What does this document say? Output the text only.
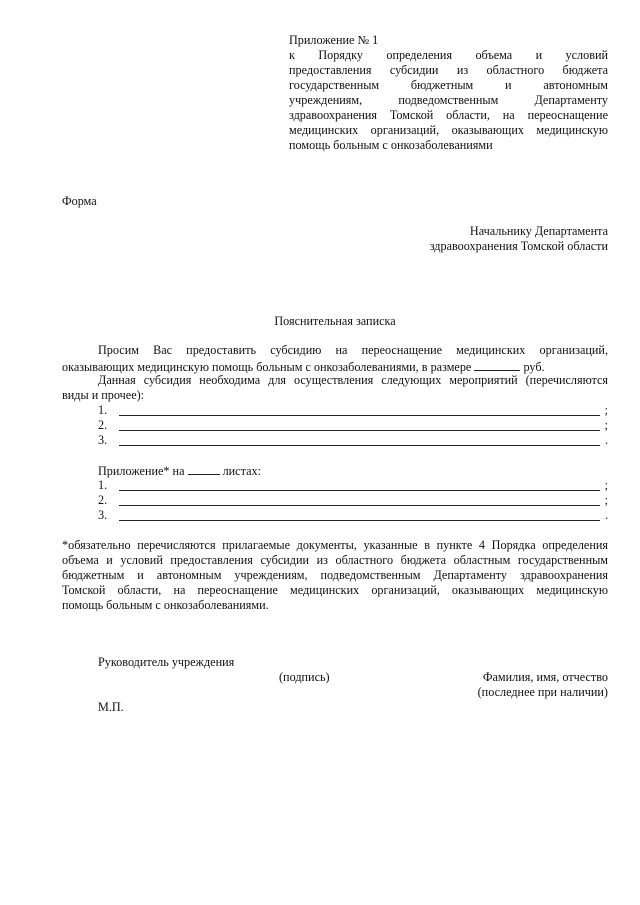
Приложение № 1
к Порядку определения объема и условий
предоставления субсидии из областного бюджета
государственным бюджетным и автономным
учреждениям, подведомственным Департаменту
здравоохранения Томской области, на переоснащение
медицинских организаций, оказывающих медицинскую
помощь больным с онкозаболеваниями
Форма
Начальнику Департамента
здравоохранения Томской области
Пояснительная записка
Просим Вас предоставить субсидию на переоснащение медицинских организаций,
оказывающих медицинскую помощь больным с онкозаболеваниями, в размере	руб.
Данная субсидия необходима для осуществления следующих мероприятий (перечисляются
виды и прочее):
1.	;
2.	;
3.	.
Приложение* на	листах:
1.	;
2.	;
3.	.
*обязательно перечисляются прилагаемые документы, указанные в пункте 4 Порядка определения
объема и условий предоставления субсидии из областного бюджета областным государственным
бюджетным и автономным учреждениям, подведомственным Департаменту здравоохранения
Томской области, на переоснащение медицинских организаций, оказывающих медицинскую
помощь больным с онкозаболеваниями.
Руководитель учреждения
(подпись)	Фамилия, имя, отчество
(последнее при наличии)
М.П.
